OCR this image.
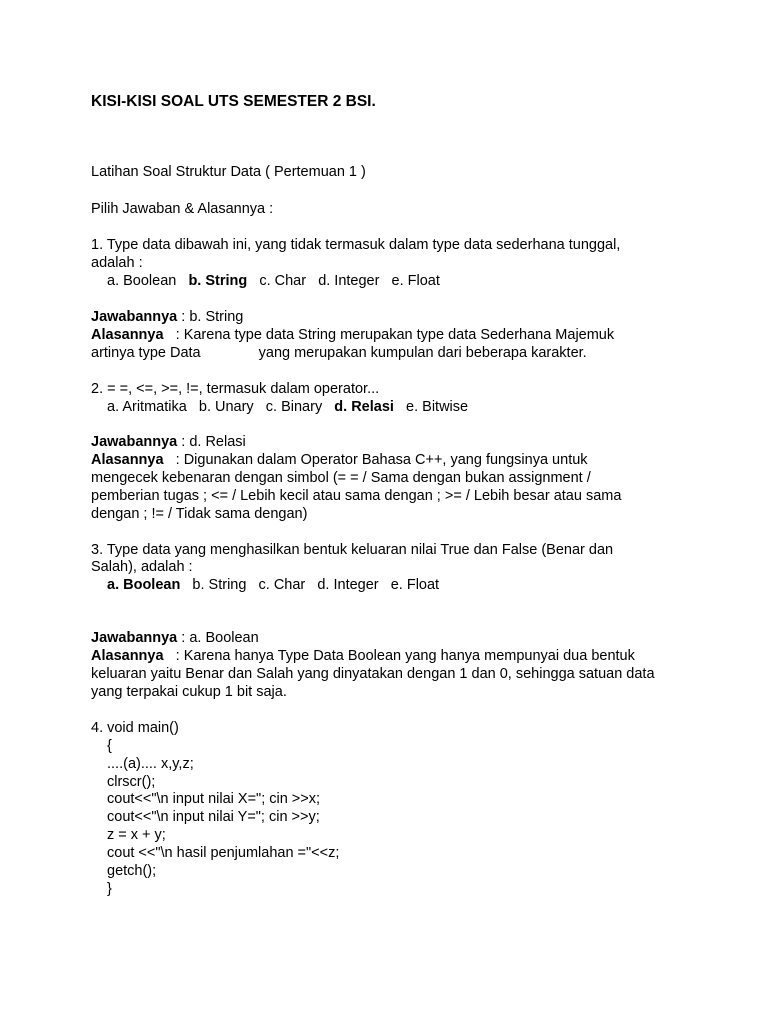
KISI-KISI SOAL UTS SEMESTER 2 BSI.
Latihan Soal Struktur Data ( Pertemuan 1 )
Pilih Jawaban & Alasannya :
1. Type data dibawah ini, yang tidak termasuk dalam type data sederhana tunggal,
adalah :
a. Boolean b. String c. Char d. Integer e. Float
Jawabannya : b. String
Alasannya   : Karena type data String merupakan type data Sederhana Majemuk
artinya type Data	yang merupakan kumpulan dari beberapa karakter.
2. = =, <=, >=, !=, termasuk dalam operator...
a. Aritmatika b. Unary c. Binary d. Relasi e. Bitwise
Jawabannya : d. Relasi
Alasannya   : Digunakan dalam Operator Bahasa C++, yang fungsinya untuk
mengecek kebenaran dengan simbol (= = / Sama dengan bukan assignment /
pemberian tugas ; <= / Lebih kecil atau sama dengan ; >= / Lebih besar atau sama
dengan ; != / Tidak sama dengan)
3. Type data yang menghasilkan bentuk keluaran nilai True dan False (Benar dan
Salah), adalah :
a. Boolean b. String c. Char d. Integer e. Float
Jawabannya : a. Boolean
Alasannya   : Karena hanya Type Data Boolean yang hanya mempunyai dua bentuk
keluaran yaitu Benar dan Salah yang dinyatakan dengan 1 dan 0, sehingga satuan data
yang terpakai cukup 1 bit saja.
4. void main()
{
....(a).... x,y,z;
clrscr();
cout<<"\n input nilai X="; cin >>x;
cout<<"\n input nilai Y="; cin >>y;
z = x + y;
cout <<"\n hasil penjumlahan ="<<z;
getch();
}
